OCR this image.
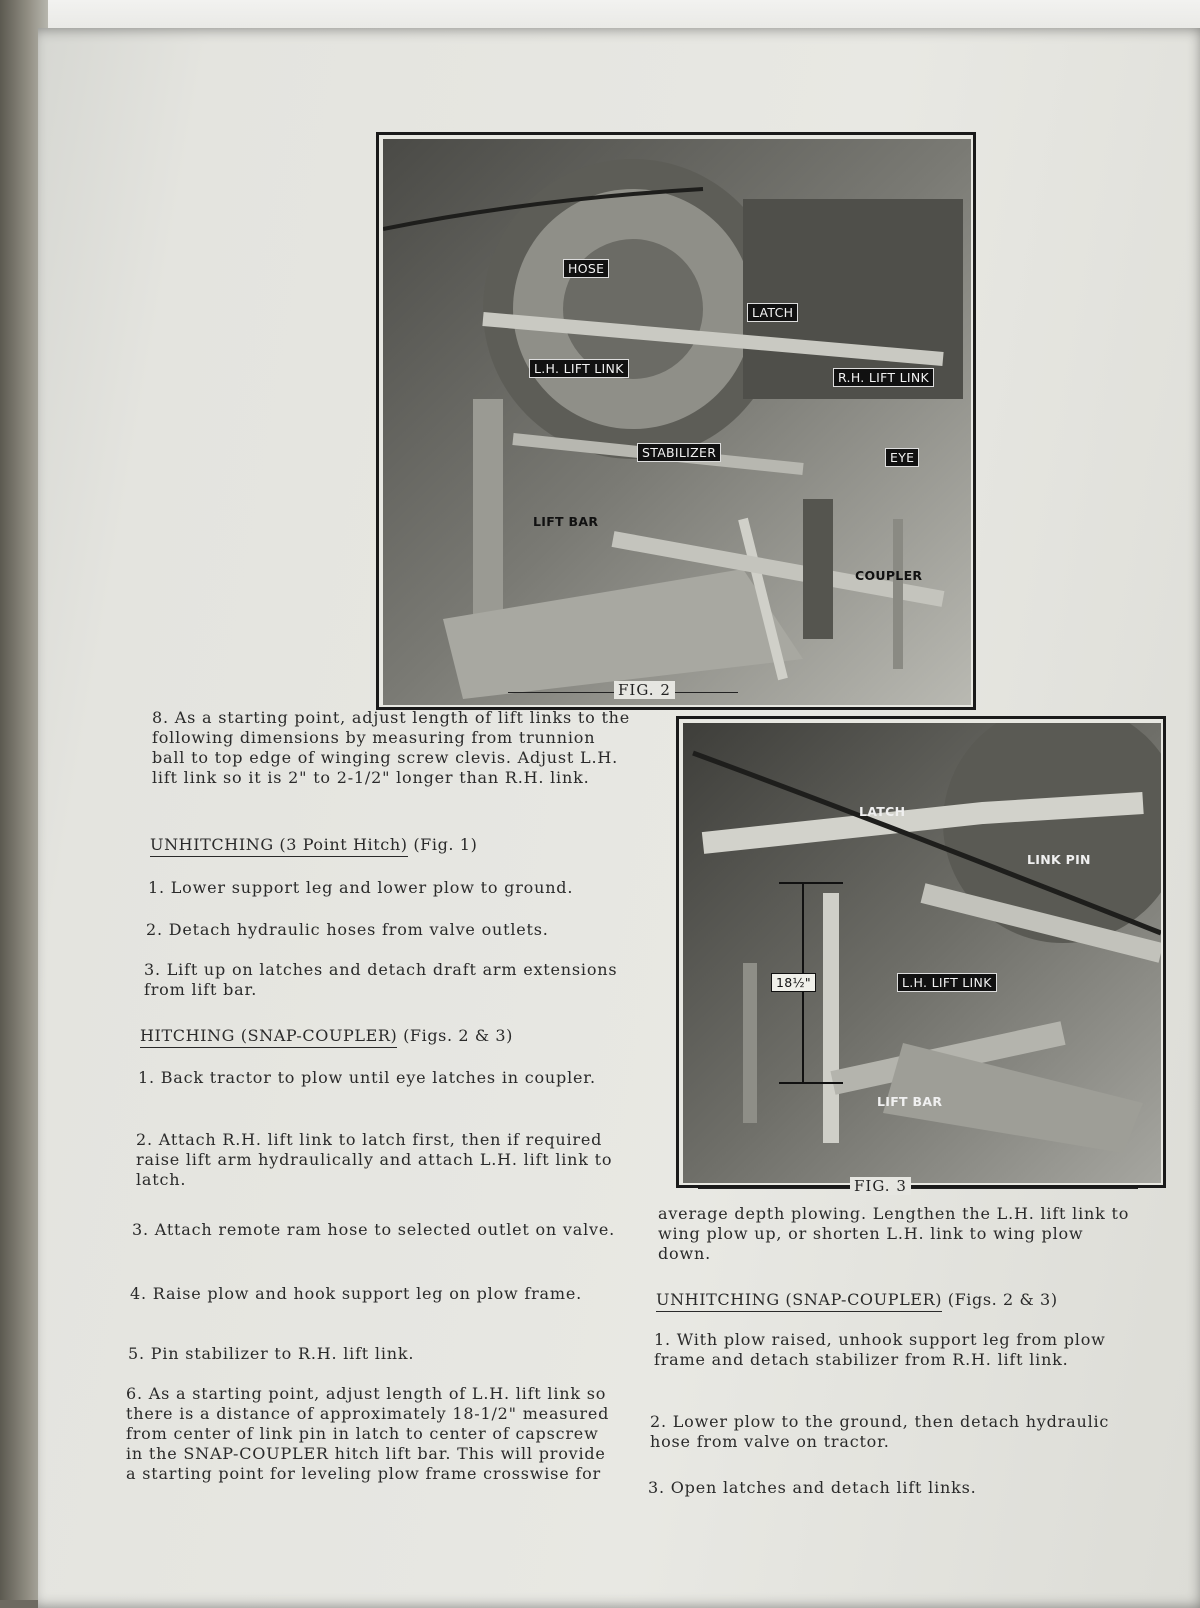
HOSE
LATCH
L.H. LIFT LINK
R.H. LIFT LINK
STABILIZER	EYE
LIFT BAR
COUPLER
FIG. 2
LATCH
LINK PIN
18½"	L.H. LIFT LINK
LIFT BAR
FIG. 3
8. As a starting point, adjust length of lift links to the following dimensions by measuring from trunnion ball to top edge of winging screw clevis. Adjust L.H. lift link so it is 2" to 2-1/2" longer than R.H. link.
UNHITCHING (3 Point Hitch) (Fig. 1)
1. Lower support leg and lower plow to ground.
2. Detach hydraulic hoses from valve outlets.
3. Lift up on latches and detach draft arm extensions from lift bar.
HITCHING (SNAP-COUPLER) (Figs. 2 & 3)
1. Back tractor to plow until eye latches in coupler.
2. Attach R.H. lift link to latch first, then if required raise lift arm hydraulically and attach L.H. lift link to latch.
3. Attach remote ram hose to selected outlet on valve.
4. Raise plow and hook support leg on plow frame.
5. Pin stabilizer to R.H. lift link.
6. As a starting point, adjust length of L.H. lift link so there is a distance of approximately 18-1/2" measured from center of link pin in latch to center of capscrew in the SNAP-COUPLER hitch lift bar. This will provide a starting point for leveling plow frame crosswise for
average depth plowing. Lengthen the L.H. lift link to wing plow up, or shorten L.H. link to wing plow down.
UNHITCHING (SNAP-COUPLER) (Figs. 2 & 3)
1. With plow raised, unhook support leg from plow frame and detach stabilizer from R.H. lift link.
2. Lower plow to the ground, then detach hydraulic hose from valve on tractor.
3. Open latches and detach lift links.
